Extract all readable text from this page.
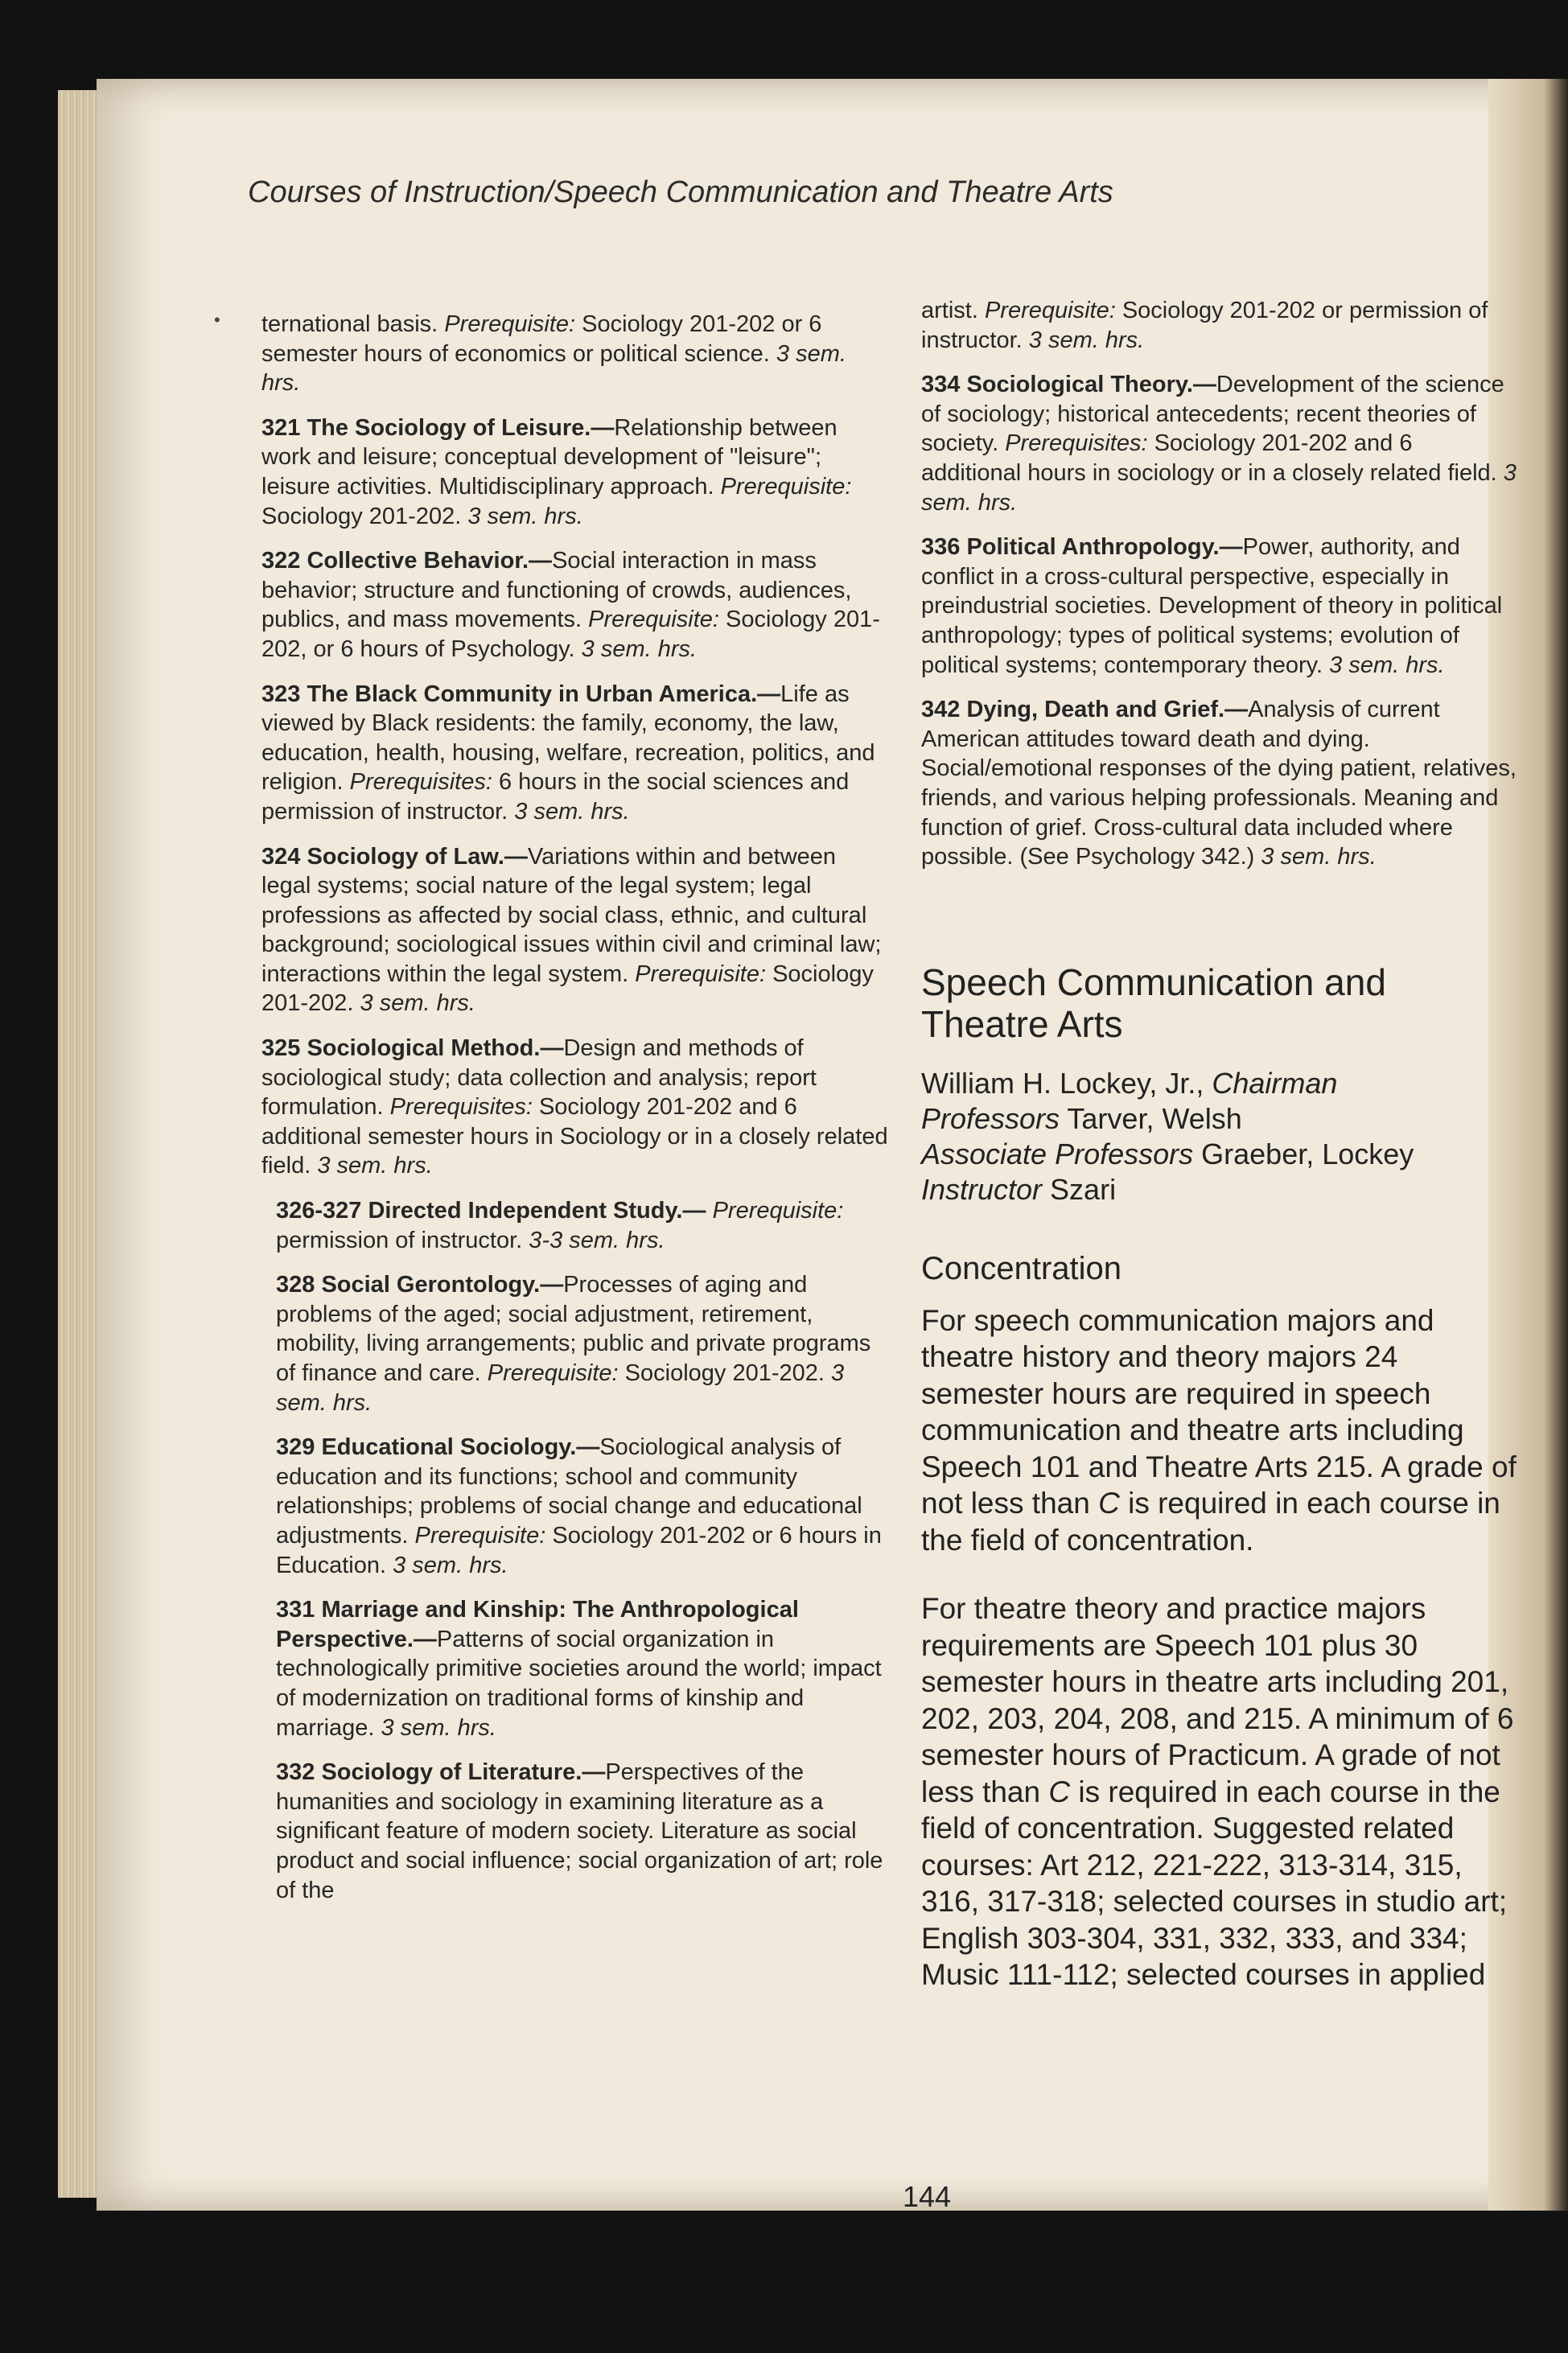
Courses of Instruction/Speech Communication and Theatre Arts
• ternational basis. Prerequisite: Sociology 201-202 or 6 semester hours of economics or political science. 3 sem. hrs.
321 The Sociology of Leisure.—Relationship between work and leisure; conceptual development of "leisure"; leisure activities. Multidisciplinary approach. Prerequisite: Sociology 201-202. 3 sem. hrs.
322 Collective Behavior.—Social interaction in mass behavior; structure and functioning of crowds, audiences, publics, and mass movements. Prerequisite: Sociology 201-202, or 6 hours of Psychology. 3 sem. hrs.
323 The Black Community in Urban America.—Life as viewed by Black residents: the family, economy, the law, education, health, housing, welfare, recreation, politics, and religion. Prerequisites: 6 hours in the social sciences and permission of instructor. 3 sem. hrs.
324 Sociology of Law.—Variations within and between legal systems; social nature of the legal system; legal professions as affected by social class, ethnic, and cultural background; sociological issues within civil and criminal law; interactions within the legal system. Prerequisite: Sociology 201-202. 3 sem. hrs.
325 Sociological Method.—Design and methods of sociological study; data collection and analysis; report formulation. Prerequisites: Sociology 201-202 and 6 additional semester hours in Sociology or in a closely related field. 3 sem. hrs.
326-327 Directed Independent Study.— Prerequisite: permission of instructor. 3-3 sem. hrs.
328 Social Gerontology.—Processes of aging and problems of the aged; social adjustment, retirement, mobility, living arrangements; public and private programs of finance and care. Prerequisite: Sociology 201-202. 3 sem. hrs.
329 Educational Sociology.—Sociological analysis of education and its functions; school and community relationships; problems of social change and educational adjustments. Prerequisite: Sociology 201-202 or 6 hours in Education. 3 sem. hrs.
331 Marriage and Kinship: The Anthropological Perspective.—Patterns of social organization in technologically primitive societies around the world; impact of modernization on traditional forms of kinship and marriage. 3 sem. hrs.
332 Sociology of Literature.—Perspectives of the humanities and sociology in examining literature as a significant feature of modern society. Literature as social product and social influence; social organization of art; role of the
artist. Prerequisite: Sociology 201-202 or permission of instructor. 3 sem. hrs.
334 Sociological Theory.—Development of the science of sociology; historical antecedents; recent theories of society. Prerequisites: Sociology 201-202 and 6 additional hours in sociology or in a closely related field. 3 sem. hrs.
336 Political Anthropology.—Power, authority, and conflict in a cross-cultural perspective, especially in preindustrial societies. Development of theory in political anthropology; types of political systems; evolution of political systems; contemporary theory. 3 sem. hrs.
342 Dying, Death and Grief.—Analysis of current American attitudes toward death and dying. Social/emotional responses of the dying patient, relatives, friends, and various helping professionals. Meaning and function of grief. Cross-cultural data included where possible. (See Psychology 342.) 3 sem. hrs.
Speech Communication and Theatre Arts
William H. Lockey, Jr., Chairman
Professors Tarver, Welsh
Associate Professors Graeber, Lockey
Instructor Szari
Concentration
For speech communication majors and theatre history and theory majors 24 semester hours are required in speech communication and theatre arts including Speech 101 and Theatre Arts 215. A grade of not less than C is required in each course in the field of concentration.
For theatre theory and practice majors requirements are Speech 101 plus 30 semester hours in theatre arts including 201, 202, 203, 204, 208, and 215. A minimum of 6 semester hours of Practicum. A grade of not less than C is required in each course in the field of concentration. Suggested related courses: Art 212, 221-222, 313-314, 315, 316, 317-318; selected courses in studio art; English 303-304, 331, 332, 333, and 334; Music 111-112; selected courses in applied
144
